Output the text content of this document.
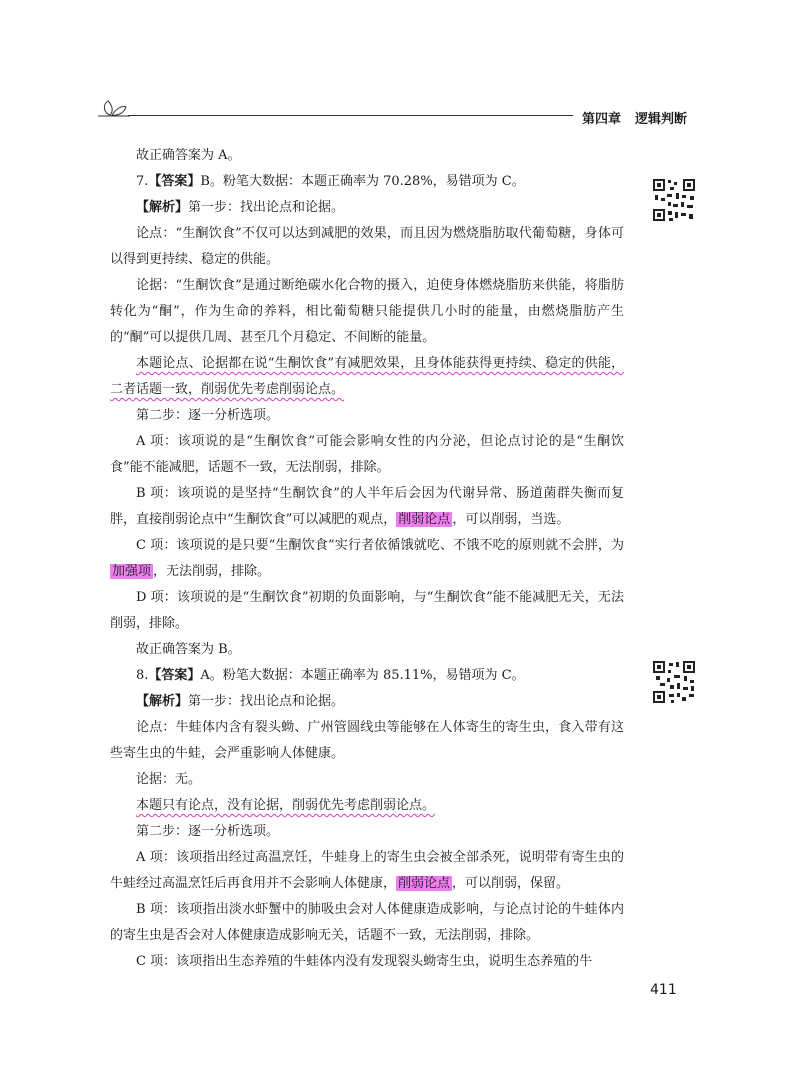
第四章 逻辑判断

故正确答案为 A。

7.【答案】B。粉笔大数据：本题正确率为 70.28%，易错项为 C。

【解析】第一步：找出论点和论据。

论点：“生酮饮食”不仅可以达到减肥的效果，而且因为燃烧脂肪取代葡萄糖，身体可以得到更持续、稳定的供能。

论据：“生酮饮食”是通过断绝碳水化合物的摄入，迫使身体燃烧脂肪来供能，将脂肪转化为“酮”，作为生命的养料，相比葡萄糖只能提供几小时的能量，由燃烧脂肪产生的“酮”可以提供几周、甚至几个月稳定、不间断的能量。

本题论点、论据都在说“生酮饮食”有减肥效果，且身体能获得更持续、稳定的供能，二者话题一致，削弱优先考虑削弱论点。

第二步：逐一分析选项。

A 项：该项说的是“生酮饮食”可能会影响女性的内分泌，但论点讨论的是“生酮饮食”能不能减肥，话题不一致，无法削弱，排除。

B 项：该项说的是坚持“生酮饮食”的人半年后会因为代谢异常、肠道菌群失衡而复胖，直接削弱论点中“生酮饮食”可以减肥的观点， 削弱论点 ，可以削弱，当选。

C 项：该项说的是只要“生酮饮食”实行者依循饿就吃、不饿不吃的原则就不会胖，为加强项 ，无法削弱，排除。

D 项：该项说的是“生酮饮食”初期的负面影响，与“生酮饮食”能不能减肥无关，无法削弱，排除。

故正确答案为 B。

8.【答案】A。粉笔大数据：本题正确率为 85.11%，易错项为 C。

【解析】第一步：找出论点和论据。

论点：牛蛙体内含有裂头蚴、广州管圆线虫等能够在人体寄生的寄生虫，食入带有这些寄生虫的牛蛙，会严重影响人体健康。

论据：无。

本题只有论点，没有论据，削弱优先考虑削弱论点。

第二步：逐一分析选项。

A 项：该项指出经过高温烹饪，牛蛙身上的寄生虫会被全部杀死，说明带有寄生虫的牛蛙经过高温烹饪后再食用并不会影响人体健康， 削弱论点 ，可以削弱，保留。

B 项：该项指出淡水虾蟹中的肺吸虫会对人体健康造成影响，与论点讨论的牛蛙体内的寄生虫是否会对人体健康造成影响无关，话题不一致，无法削弱，排除。

C 项：该项指出生态养殖的牛蛙体内没有发现裂头蚴寄生虫，说明生态养殖的牛

411
